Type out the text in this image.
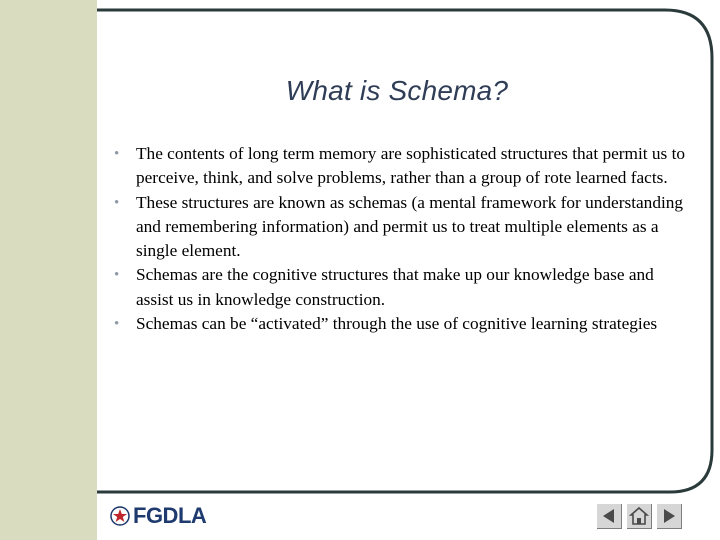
What is Schema?
• The contents of long term memory are sophisticated structures that permit us to perceive, think, and solve problems, rather than a group of rote learned facts.
• These structures are known as schemas (a mental framework for understanding and remembering information) and permit us to treat multiple elements as a single element.
• Schemas are the cognitive structures that make up our knowledge base and assist us in knowledge construction.
• Schemas can be “activated” through the use of cognitive learning strategies
FGDLA
